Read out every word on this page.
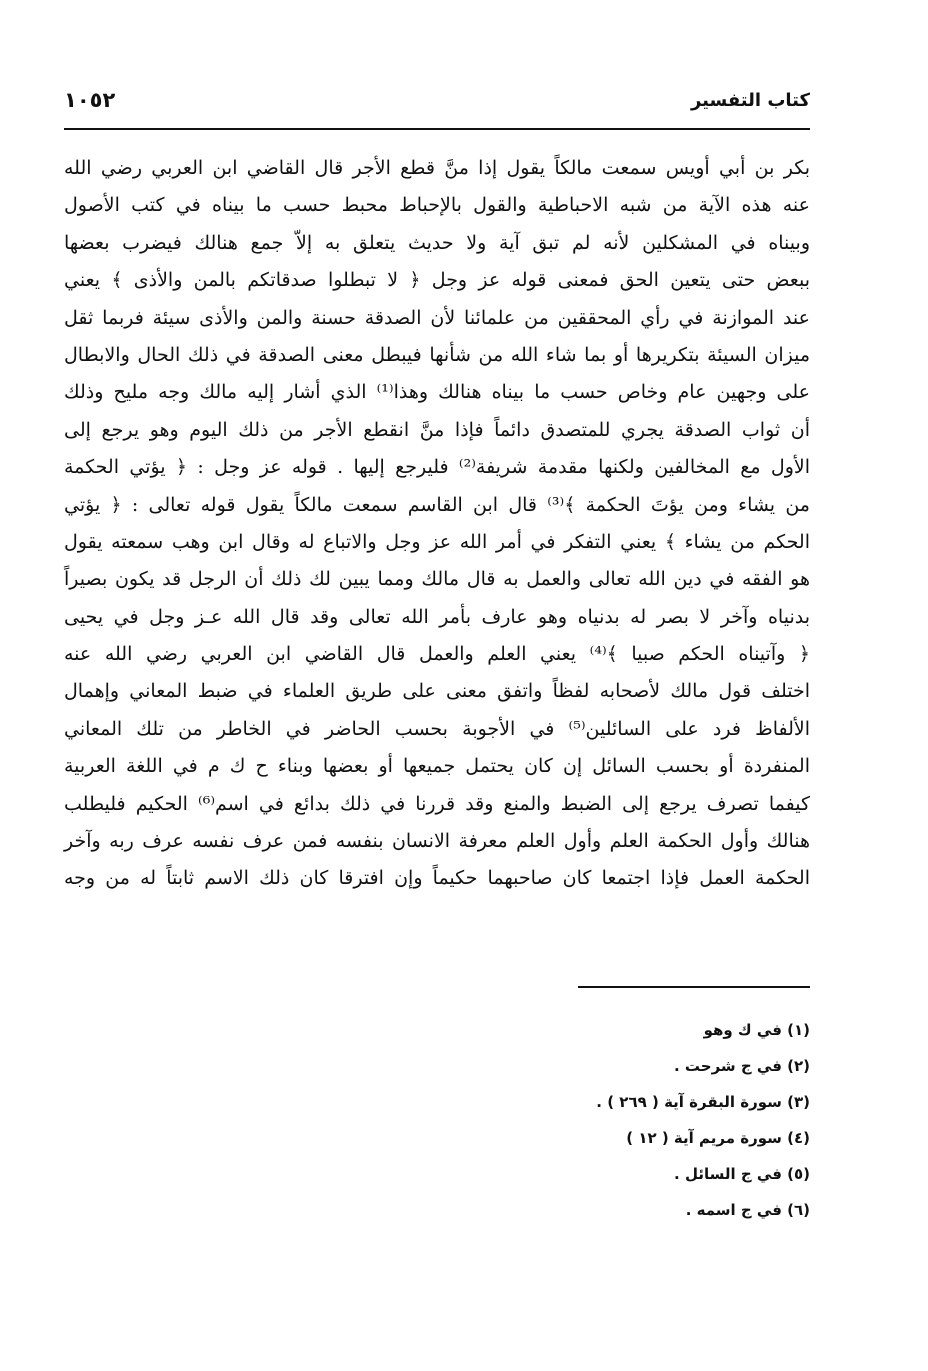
كتاب التفسير
١٠٥٢
بكر بن أبي أويس سمعت مالكاً يقول إذا منَّ قطع الأجر قال القاضي ابن العربي رضي الله
عنه هذه الآية من شبه الاحباطية والقول بالإحباط محبط حسب ما بيناه في كتب الأصول
وبيناه في المشكلين لأنه لم تبق آية ولا حديث يتعلق به إلاّ جمع هنالك فيضرب بعضها
ببعض حتى يتعين الحق فمعنى قوله عز وجل ﴿ لا تبطلوا صدقاتكم بالمن والأذى ﴾ يعني
عند الموازنة في رأي المحققين من علمائنا لأن الصدقة حسنة والمن والأذى سيئة فربما ثقل
ميزان السيئة بتكريرها أو بما شاء الله من شأنها فيبطل معنى الصدقة في ذلك الحال والابطال
على وجهين عام وخاص حسب ما بيناه هنالك وهذا⁽¹⁾ الذي أشار إليه مالك وجه مليح وذلك
أن ثواب الصدقة يجري للمتصدق دائماً فإذا منَّ انقطع الأجر من ذلك اليوم وهو يرجع إلى
الأول مع المخالفين ولكنها مقدمة شريفة⁽²⁾ فليرجع إليها . قوله عز وجل : ﴿ يؤتي الحكمة
من يشاء ومن يؤتَ الحكمة ﴾⁽³⁾ قال ابن القاسم سمعت مالكاً يقول قوله تعالى : ﴿ يؤتي
الحكم من يشاء ﴾ يعني التفكر في أمر الله عز وجل والاتباع له وقال ابن وهب سمعته يقول
هو الفقه في دين الله تعالى والعمل به قال مالك ومما يبين لك ذلك أن الرجل قد يكون بصيراً
بدنياه وآخر لا بصر له بدنياه وهو عارف بأمر الله تعالى وقد قال الله عـز وجل في يحيى
﴿ وآتيناه الحكم صبيا ﴾⁽⁴⁾ يعني العلم والعمل قال القاضي ابن العربي رضي الله عنه
اختلف قول مالك لأصحابه لفظاً واتفق معنى على طريق العلماء في ضبط المعاني وإهمال
الألفاظ فرد على السائلين⁽⁵⁾ في الأجوبة بحسب الحاضر في الخاطر من تلك المعاني
المنفردة أو بحسب السائل إن كان يحتمل جميعها أو بعضها وبناء ح ك م في اللغة العربية
كيفما تصرف يرجع إلى الضبط والمنع وقد قررنا في ذلك بدائع في اسم⁽⁶⁾ الحكيم فليطلب
هنالك وأول الحكمة العلم وأول العلم معرفة الانسان بنفسه فمن عرف نفسه عرف ربه وآخر
الحكمة العمل فإذا اجتمعا كان صاحبهما حكيماً وإن افترقا كان ذلك الاسم ثابتاً له من وجه
(١) في ك وهو
(٢) في ج شرحت .
(٣) سورة البقرة آية ( ٢٦٩ ) .
(٤) سورة مريم آية ( ١٢ )
(٥) في ج السائل .
(٦) في ج اسمه .
